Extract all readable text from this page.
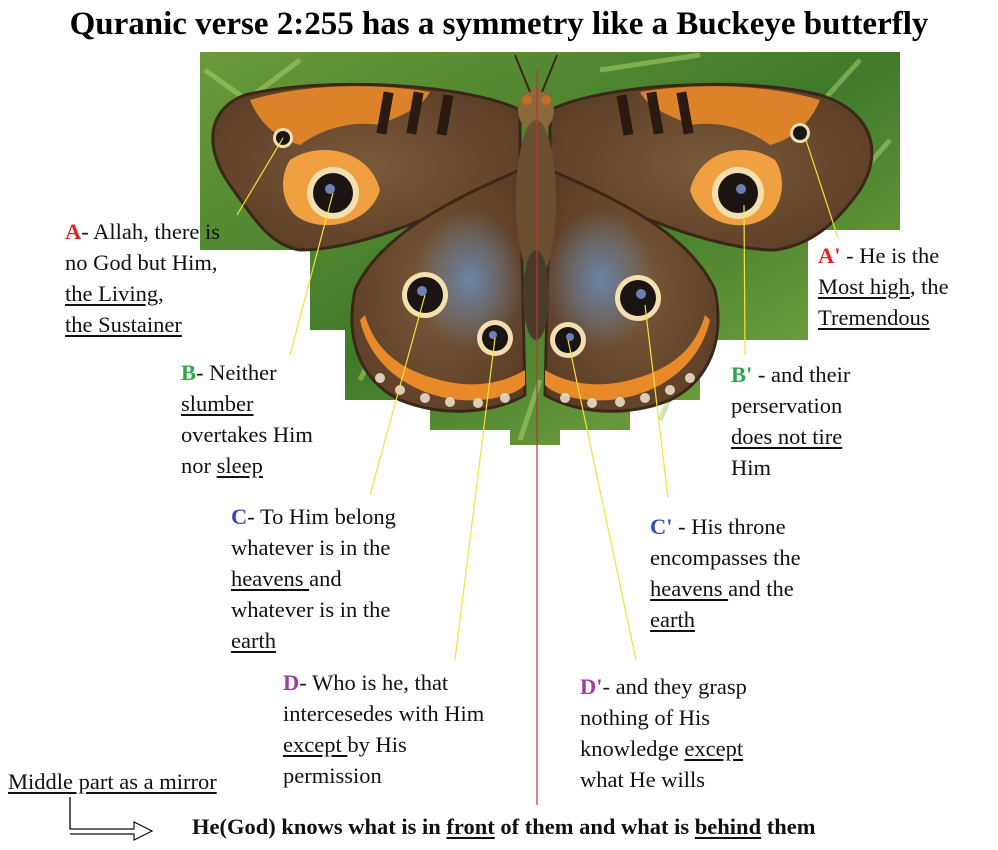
Quranic verse 2:255 has a symmetry like a Buckeye butterfly
A- Allah, there is
no God but Him,
the Living,
the Sustainer
A' - He is the
Most high, the
Tremendous
B- Neither
slumber
overtakes Him
nor sleep
B' - and their
perservation
does not tire
Him
C- To Him belong
whatever is in the
heavens and
whatever is in the
earth
C' - His throne
encompasses the
heavens and the
earth
D- Who is he, that
intercesedes with Him
except by His
permission
D'- and they grasp
nothing of His
knowledge except
what He wills
Middle part as a mirror
He(God) knows what is in front of them and what is behind them
